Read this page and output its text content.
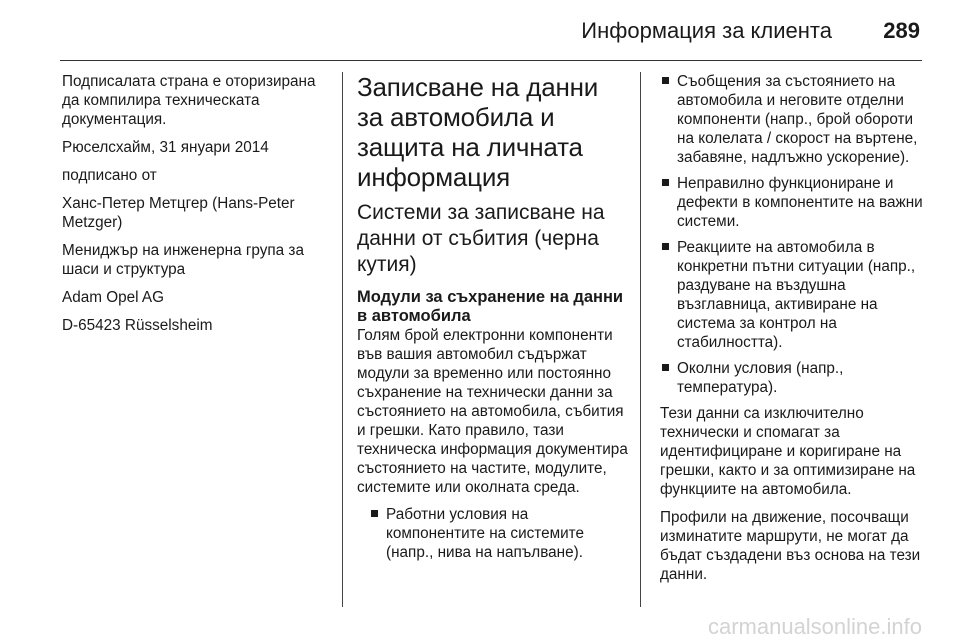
Информация за клиента 289

Подписалата страна е оторизирана да компилира техническата документация.

Рюселсхайм, 31 януари 2014

подписано от

Ханс-Петер Метцгер (Hans-Peter Metzger)

Мениджър на инженерна група за шаси и структура

Adam Opel AG

D-65423 Rüsselsheim

Записване на данни за автомобила и защита на личната информация
Системи за записване на данни от събития (черна кутия)
Модули за съхранение на данни в автомобила

Голям брой електронни компоненти във вашия автомобил съдържат модули за временно или постоянно съхранение на технически данни за състоянието на автомобила, събития и грешки. Като правило, тази техническа информация документира състоянието на частите, модулите, системите или околната среда.

Работни условия на компонентите на системите (напр., нива на напълване).
Съобщения за състоянието на автомобила и неговите отделни компоненти (напр., брой обороти на колелата / скорост на въртене, забавяне, надлъжно ускорение).
Неправилно функциониране и дефекти в компонентите на важни системи.
Реакциите на автомобила в конкретни пътни ситуации (напр., раздуване на въздушна възглавница, активиране на система за контрол на стабилността).
Околни условия (напр., температура).

Тези данни са изключително технически и спомагат за идентифициране и коригиране на грешки, както и за оптимизиране на функциите на автомобила.

Профили на движение, посочващи изминатите маршрути, не могат да бъдат създадени въз основа на тези данни.

carmanualsonline.info
